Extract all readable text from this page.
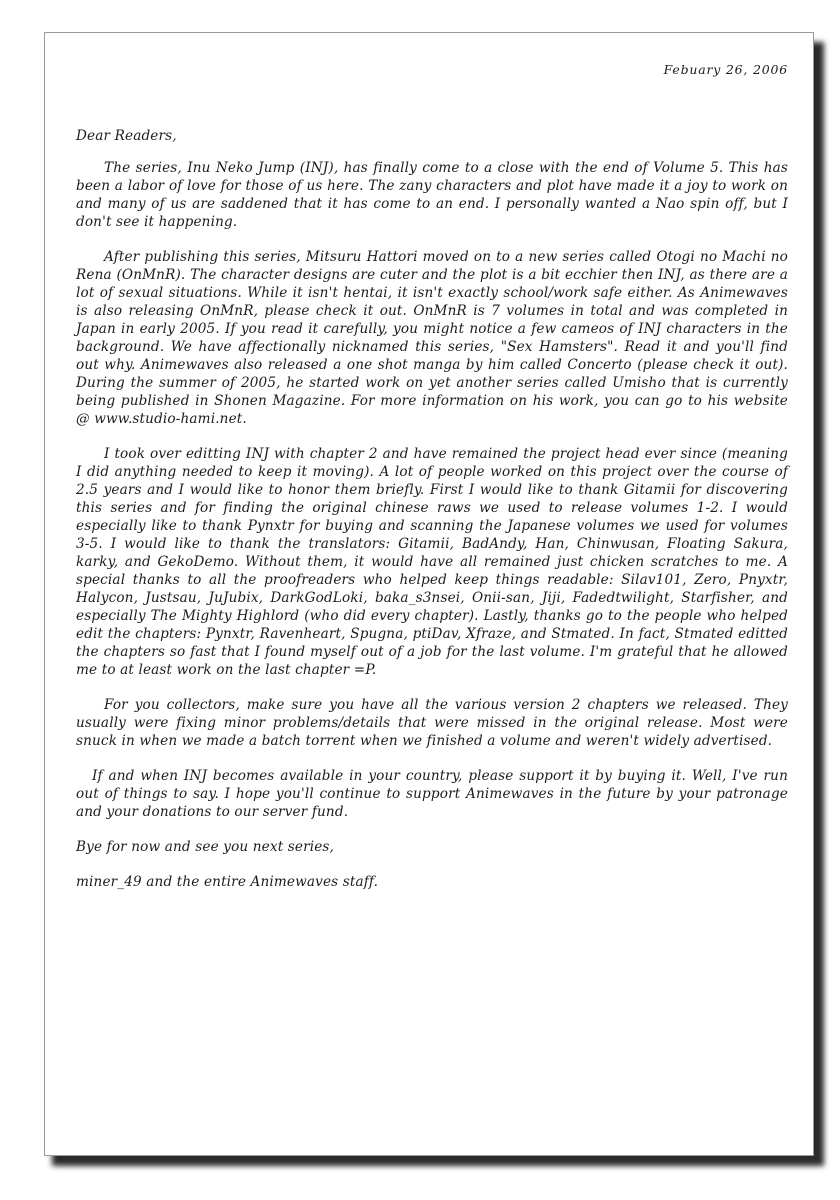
Febuary 26, 2006

Dear Readers,

The series, Inu Neko Jump (INJ), has finally come to a close with the end of Volume 5. This has been a labor of love for those of us here. The zany characters and plot have made it a joy to work on and many of us are saddened that it has come to an end. I personally wanted a Nao spin off, but I don't see it happening.

After publishing this series, Mitsuru Hattori moved on to a new series called Otogi no Machi no Rena (OnMnR). The character designs are cuter and the plot is a bit ecchier then INJ, as there are a lot of sexual situations. While it isn't hentai, it isn't exactly school/work safe either. As Animewaves is also releasing OnMnR, please check it out. OnMnR is 7 volumes in total and was completed in Japan in early 2005. If you read it carefully, you might notice a few cameos of INJ characters in the background. We have affectionally nicknamed this series, "Sex Hamsters". Read it and you'll find out why. Animewaves also released a one shot manga by him called Concerto (please check it out). During the summer of 2005, he started work on yet another series called Umisho that is currently being published in Shonen Magazine. For more information on his work, you can go to his website @ www.studio-hami.net.

I took over editting INJ with chapter 2 and have remained the project head ever since (meaning I did anything needed to keep it moving). A lot of people worked on this project over the course of 2.5 years and I would like to honor them briefly. First I would like to thank Gitamii for discovering this series and for finding the original chinese raws we used to release volumes 1-2. I would especially like to thank Pynxtr for buying and scanning the Japanese volumes we used for volumes 3-5. I would like to thank the translators: Gitamii, BadAndy, Han, Chinwusan, Floating Sakura, karky, and GekoDemo. Without them, it would have all remained just chicken scratches to me. A special thanks to all the proofreaders who helped keep things readable: Silav101, Zero, Pnyxtr, Halycon, Justsau, JuJubix, DarkGodLoki, baka_s3nsei, Onii-san, Jiji, Fadedtwilight, Starfisher, and especially The Mighty Highlord (who did every chapter). Lastly, thanks go to the people who helped edit the chapters: Pynxtr, Ravenheart, Spugna, ptiDav, Xfraze, and Stmated. In fact, Stmated editted the chapters so fast that I found myself out of a job for the last volume. I'm grateful that he allowed me to at least work on the last chapter =P.

For you collectors, make sure you have all the various version 2 chapters we released. They usually were fixing minor problems/details that were missed in the original release. Most were snuck in when we made a batch torrent when we finished a volume and weren't widely advertised.

If and when INJ becomes available in your country, please support it by buying it. Well, I've run out of things to say. I hope you'll continue to support Animewaves in the future by your patronage and your donations to our server fund.

Bye for now and see you next series,

miner_49 and the entire Animewaves staff.
